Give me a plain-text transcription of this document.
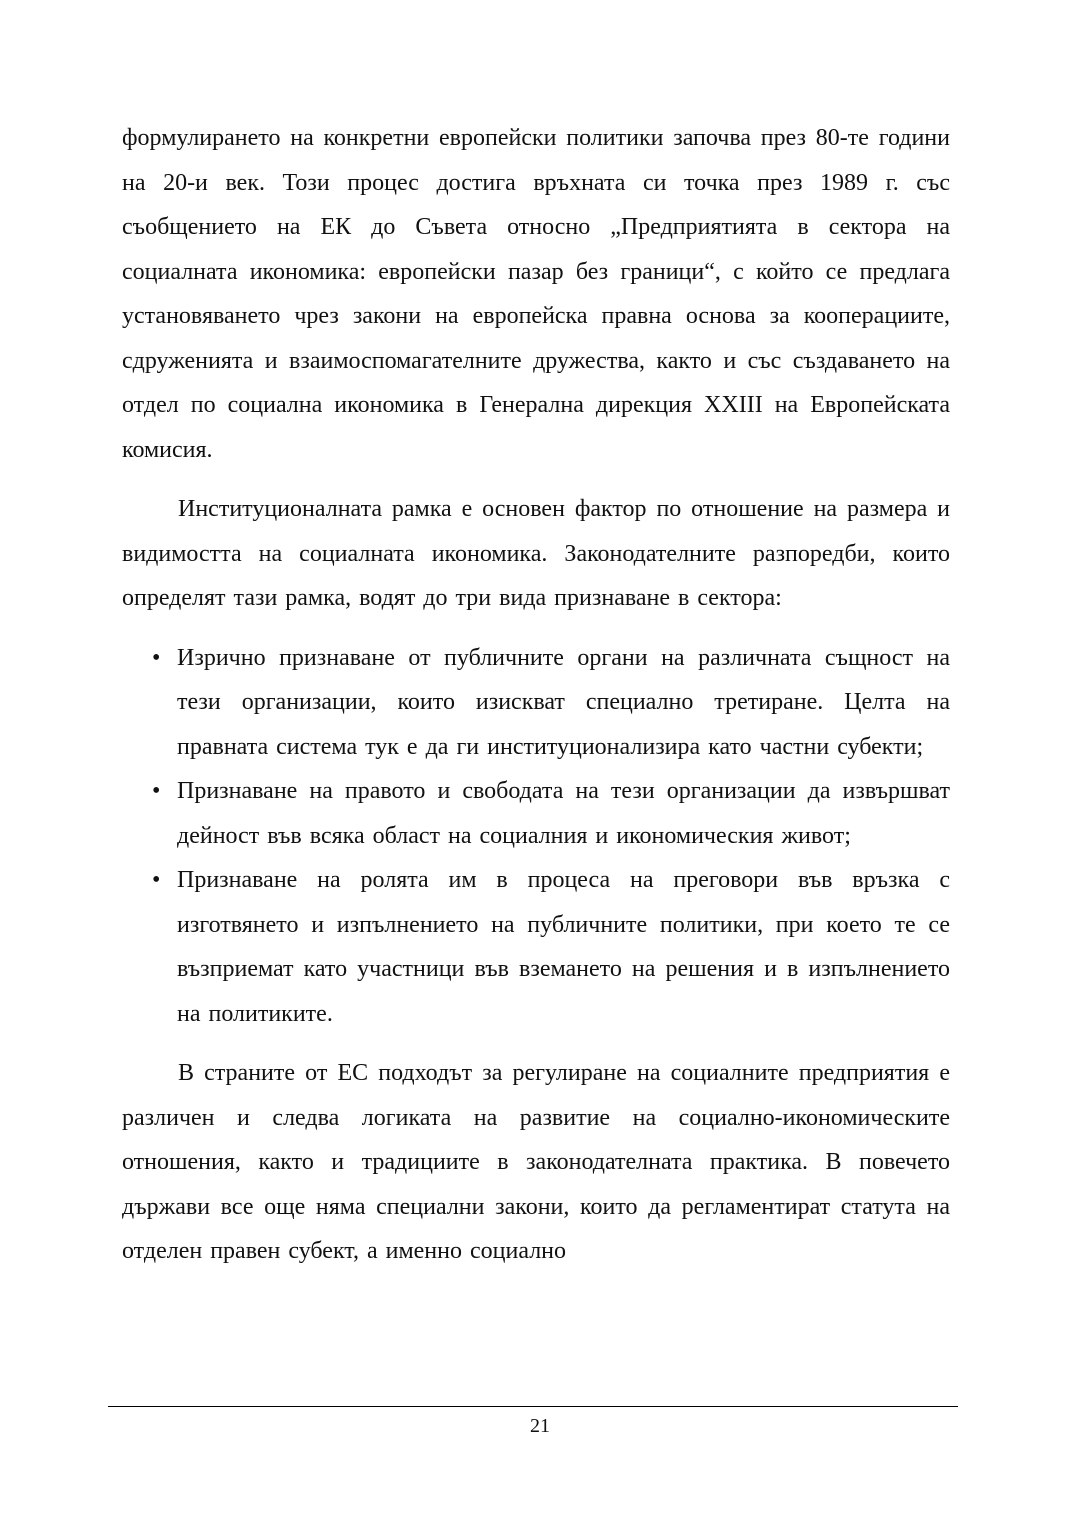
формулирането на конкретни европейски политики започва през 80-те години на 20-и век. Този процес достига връхната си точка през 1989 г. със съобщението на ЕК до Съвета относно „Предприятията в сектора на социалната икономика: европейски пазар без граници“, с който се предлага установяването чрез закони на европейска правна основа за кооперациите, сдруженията и взаимоспомагателните дружества, както и със създаването на отдел по социална икономика в Генерална дирекция XXIII на Европейската комисия.

Институционалната рамка е основен фактор по отношение на размера и видимостта на социалната икономика. Законодателните разпоредби, които определят тази рамка, водят до три вида признаване в сектора:

• Изрично признаване от публичните органи на различната същност на тези организации, които изискват специално третиране. Целта на правната система тук е да ги институционализира като частни субекти;
• Признаване на правото и свободата на тези организации да извършват дейност във всяка област на социалния и икономическия живот;
• Признаване на ролята им в процеса на преговори във връзка с изготвянето и изпълнението на публичните политики, при което те се възприемат като участници във вземането на решения и в изпълнението на политиките.

В страните от ЕС подходът за регулиране на социалните предприятия е различен и следва логиката на развитие на социално-икономическите отношения, както и традициите в законодателната практика. В повечето държави все още няма специални закони, които да регламентират статута на отделен правен субект, а именно социално

21
